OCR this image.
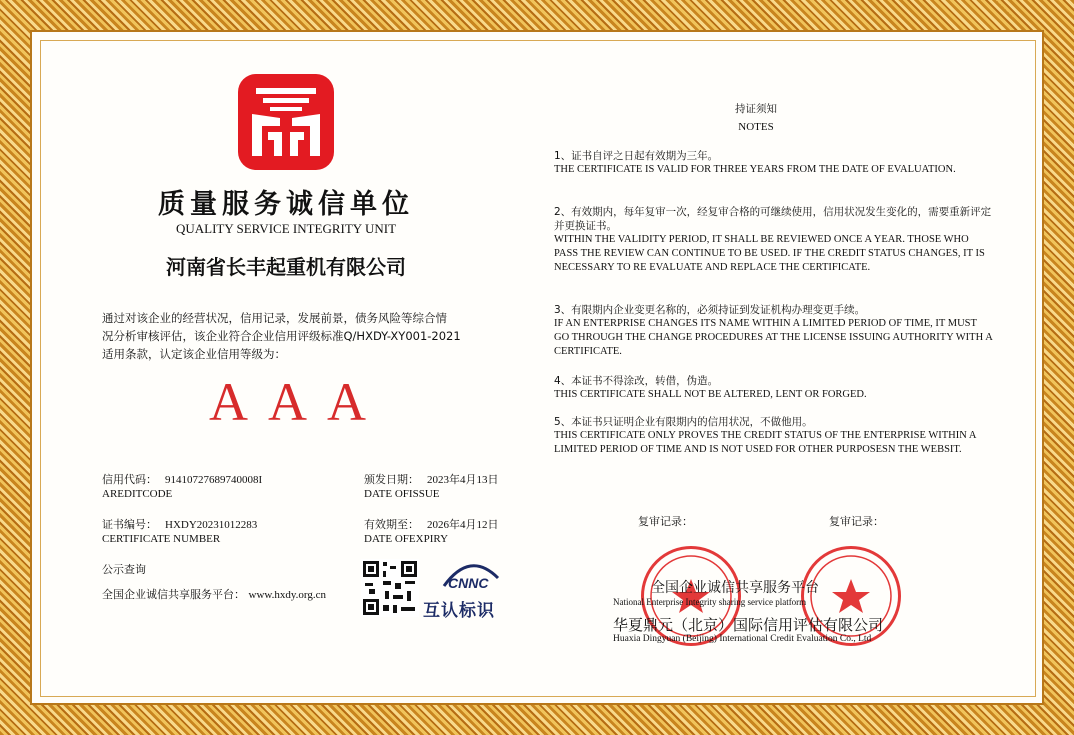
质量服务诚信单位
QUALITY SERVICE INTEGRITY UNIT
河南省长丰起重机有限公司
通过对该企业的经营状况，信用记录，发展前景，债务风险等综合情
况分析审核评估，该企业符合企业信用评级标准Q/HXDY-XY001-2021
适用条款，认定该企业信用等级为：
AAA
信用代码： 91410727689740008I
AREDITCODE
颁发日期： 2023年4月13日
DATE OFISSUE
证书编号： HXDY20231012283
CERTIFICATE NUMBER
有效期至： 2026年4月12日
DATE OFEXPIRY
公示查询
全国企业诚信共享服务平台： www.hxdy.org.cn
CNNC
互认标识
持证须知
NOTES
1、证书自评之日起有效期为三年。
THE CERTIFICATE IS VALID FOR THREE YEARS FROM THE DATE OF EVALUATION.
2、有效期内，每年复审一次，经复审合格的可继续使用，信用状况发生变化的，需要重新评定并更换证书。
WITHIN THE VALIDITY PERIOD, IT SHALL BE REVIEWED ONCE A YEAR. THOSE WHO PASS THE REVIEW CAN CONTINUE TO BE USED. IF THE CREDIT STATUS CHANGES, IT IS NECESSARY TO RE EVALUATE AND REPLACE THE CERTIFICATE.
3、有限期内企业变更名称的，必须持证到发证机构办理变更手续。
IF AN ENTERPRISE CHANGES ITS NAME WITHIN A LIMITED PERIOD OF TIME, IT MUST GO THROUGH THE CHANGE PROCEDURES AT THE LICENSE ISSUING AUTHORITY WITH A CERTIFICATE.
4、本证书不得涂改，转借，伪造。
THIS CERTIFICATE SHALL NOT BE ALTERED, LENT OR FORGED.
5、本证书只证明企业有限期内的信用状况，不做他用。
THIS CERTIFICATE ONLY PROVES THE CREDIT STATUS OF THE ENTERPRISE WITHIN A LIMITED PERIOD OF TIME AND IS NOT USED FOR OTHER PURPOSESN THE WEBSIT.
复审记录：	复审记录：
全国企业诚信共享服务平台
National Enterprise Integrity sharing service platform
华夏鼎元（北京）国际信用评估有限公司
Huaxia Dingyuan (Beijing) International Credit Evaluation Co., Ltd
